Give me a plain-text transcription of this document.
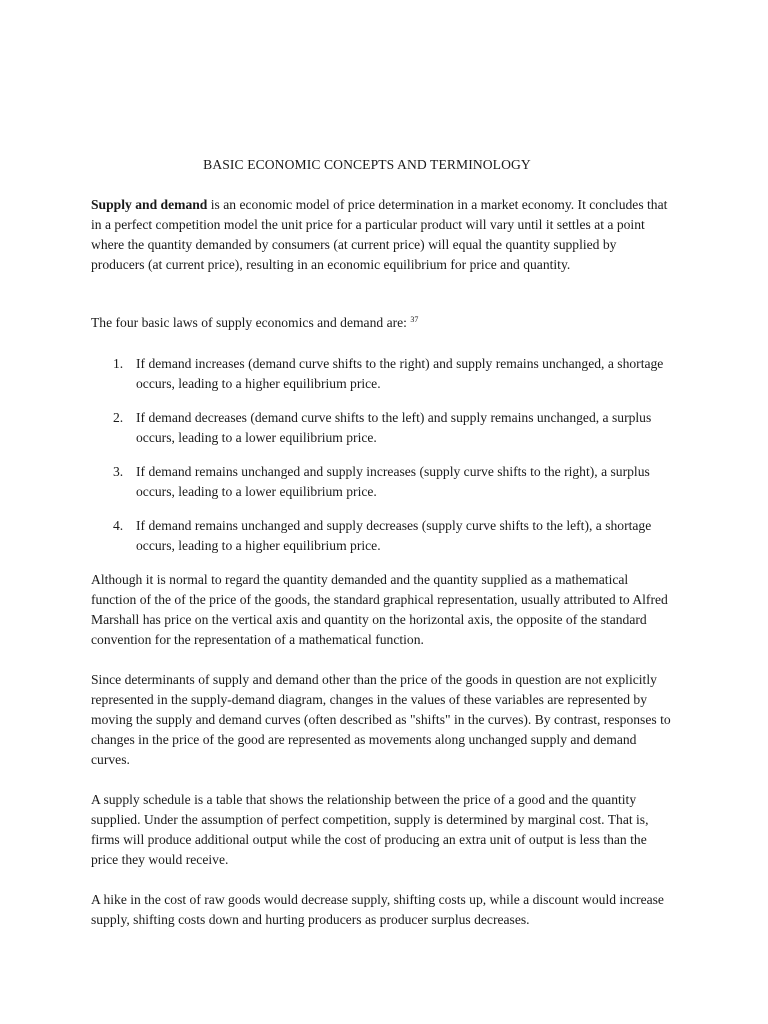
BASIC ECONOMIC CONCEPTS AND TERMINOLOGY

Supply and demand is an economic model of price determination in a market economy. It concludes that in a perfect competition model the unit price for a particular product will vary until it settles at a point where the quantity demanded by consumers (at current price) will equal the quantity supplied by producers (at current price), resulting in an economic equilibrium for price and quantity.

The four basic laws of supply economics and demand are: $^{37}$

1. If demand increases (demand curve shifts to the right) and supply remains unchanged, a shortage occurs, leading to a higher equilibrium price.
2. If demand decreases (demand curve shifts to the left) and supply remains unchanged, a surplus occurs, leading to a lower equilibrium price.
3. If demand remains unchanged and supply increases (supply curve shifts to the right), a surplus occurs, leading to a lower equilibrium price.
4. If demand remains unchanged and supply decreases (supply curve shifts to the left), a shortage occurs, leading to a higher equilibrium price.

Although it is normal to regard the quantity demanded and the quantity supplied as a mathematical function of the of the price of the goods, the standard graphical representation, usually attributed to Alfred Marshall has price on the vertical axis and quantity on the horizontal axis, the opposite of the standard convention for the representation of a mathematical function.

Since determinants of supply and demand other than the price of the goods in question are not explicitly represented in the supply-demand diagram, changes in the values of these variables are represented by moving the supply and demand curves (often described as "shifts" in the curves). By contrast, responses to changes in the price of the good are represented as movements along unchanged supply and demand curves.

A supply schedule is a table that shows the relationship between the price of a good and the quantity supplied. Under the assumption of perfect competition, supply is determined by marginal cost. That is, firms will produce additional output while the cost of producing an extra unit of output is less than the price they would receive.

A hike in the cost of raw goods would decrease supply, shifting costs up, while a discount would increase supply, shifting costs down and hurting producers as producer surplus decreases.
